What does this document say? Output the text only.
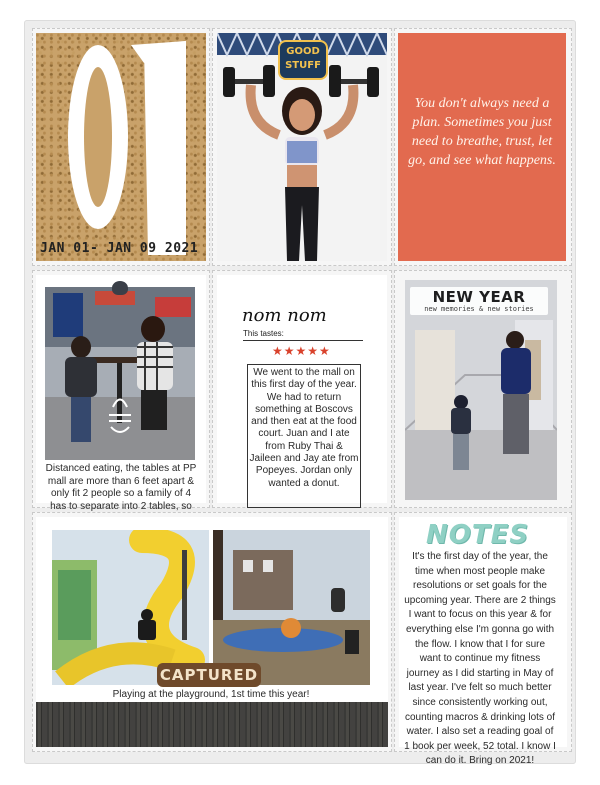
JAN 01- JAN 09 2021
GOOD
STUFF
You don't always need a plan. Sometimes you just need to breathe, trust, let go, and see what happens.
Distanced eating, the tables at PP mall are more than 6 feet apart & only fit 2 people so a family of 4 has to separate into 2 tables, so
nom nom
This tastes:
★★★★★
We went to the mall on this first day of the year. We had to return something at Boscovs and then eat at the food court. Juan and I ate from Ruby Thai & Jaileen and Jay ate from Popeyes. Jordan only wanted a donut.
NEW YEAR
new memories & new stories
CAPTURED
Playing at the playground, 1st time this year!
NOTES
It's the first day of the year, the time when most people make resolutions or set goals for the upcoming year. There are 2 things I want to focus on this year & for everything else I'm gonna go with the flow. I know that I for sure want to continue my fitness journey as I did starting in May of last year. I've felt so much better since consistently working out, counting macros & drinking lots of water. I also set a reading goal of 1 book per week, 52 total. I know I can do it. Bring on 2021!
